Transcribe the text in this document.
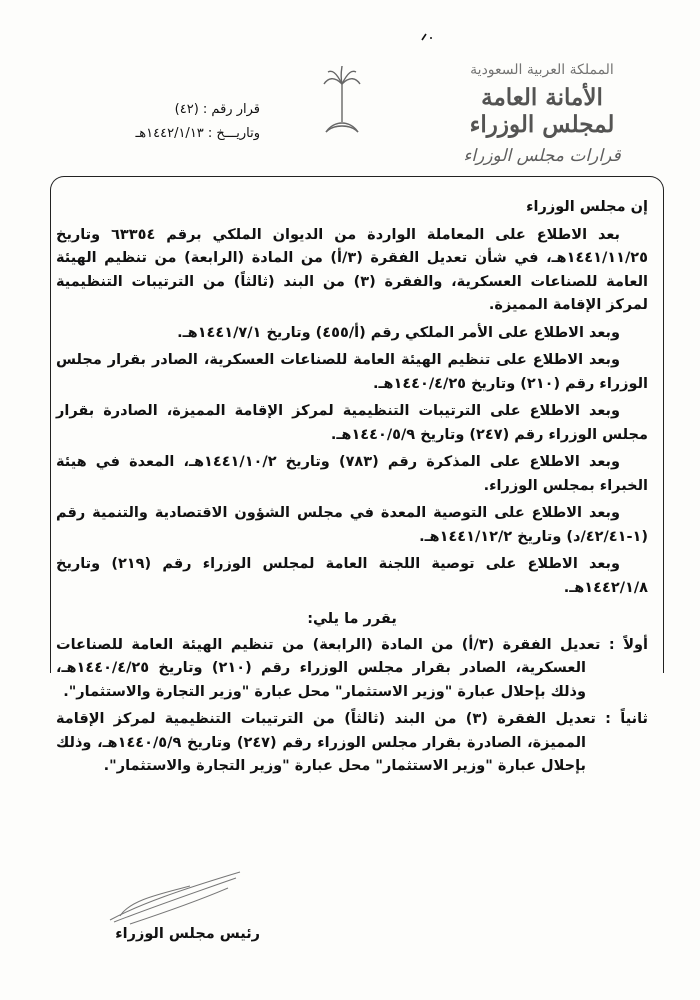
قرار رقم : (٤٢)
وتاريـــخ : ١٤٤٢/١/١٣هـ
المملكة العربية السعودية
الأمانة العامة لمجلس الوزراء
قرارات مجلس الوزراء

إن مجلس الوزراء

بعد الاطلاع على المعاملة الواردة من الديوان الملكي برقم ٦٣٣٥٤ وتاريخ ١٤٤١/١١/٢٥هـ، في شأن تعديل الفقرة (٣/أ) من المادة (الرابعة) من تنظيم الهيئة العامة للصناعات العسكرية، والفقرة (٣) من البند (ثالثاً) من الترتيبات التنظيمية لمركز الإقامة المميزة.

وبعد الاطلاع على الأمر الملكي رقم (أ/٤٥٥) وتاريخ ١٤٤١/٧/١هـ.

وبعد الاطلاع على تنظيم الهيئة العامة للصناعات العسكرية، الصادر بقرار مجلس الوزراء رقم (٢١٠) وتاريخ ١٤٤٠/٤/٢٥هـ.

وبعد الاطلاع على الترتيبات التنظيمية لمركز الإقامة المميزة، الصادرة بقرار مجلس الوزراء رقم (٢٤٧) وتاريخ ١٤٤٠/٥/٩هـ.

وبعد الاطلاع على المذكرة رقم (٧٨٣) وتاريخ ١٤٤١/١٠/٢هـ، المعدة في هيئة الخبراء بمجلس الوزراء.

وبعد الاطلاع على التوصية المعدة في مجلس الشؤون الاقتصادية والتنمية رقم (١-٤٢/٤١/د) وتاريخ ١٤٤١/١٢/٢هـ.

وبعد الاطلاع على توصية اللجنة العامة لمجلس الوزراء رقم (٢١٩) وتاريخ ١٤٤٢/١/٨هـ.

يقرر ما يلي:

أولاً : تعديل الفقرة (٣/أ) من المادة (الرابعة) من تنظيم الهيئة العامة للصناعات العسكرية، الصادر بقرار مجلس الوزراء رقم (٢١٠) وتاريخ ١٤٤٠/٤/٢٥هـ، وذلك بإحلال عبارة "وزير الاستثمار" محل عبارة "وزير التجارة والاستثمار".

ثانياً : تعديل الفقرة (٣) من البند (ثالثاً) من الترتيبات التنظيمية لمركز الإقامة المميزة، الصادرة بقرار مجلس الوزراء رقم (٢٤٧) وتاريخ ١٤٤٠/٥/٩هـ، وذلك بإحلال عبارة "وزير الاستثمار" محل عبارة "وزير التجارة والاستثمار".

رئيس مجلس الوزراء
